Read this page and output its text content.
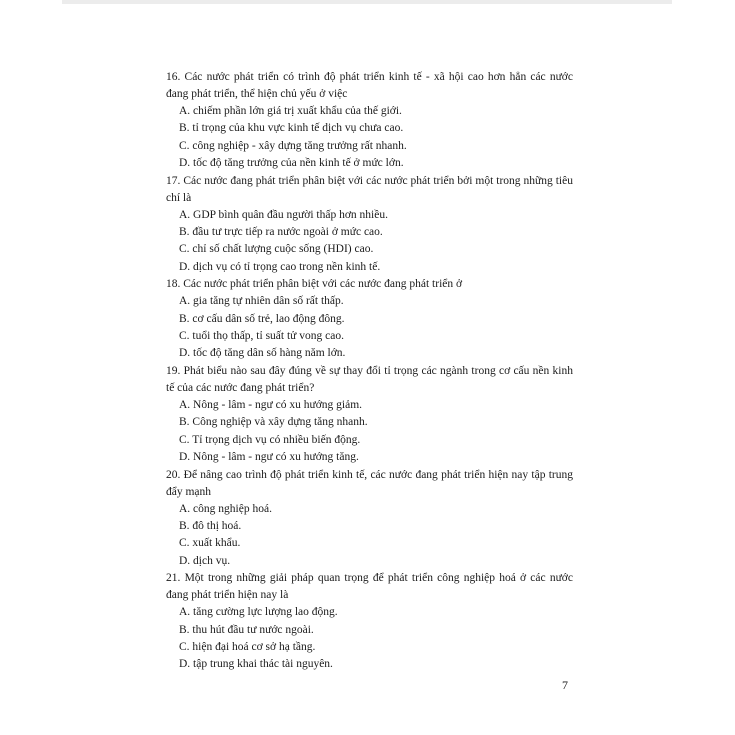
16. Các nước phát triển có trình độ phát triển kinh tế - xã hội cao hơn hẳn các nước đang phát triển, thể hiện chủ yếu ở việc

A. chiếm phần lớn giá trị xuất khẩu của thế giới.
B. tỉ trọng của khu vực kinh tế dịch vụ chưa cao.
C. công nghiệp - xây dựng tăng trưởng rất nhanh.
D. tốc độ tăng trưởng của nền kinh tế ở mức lớn.

17. Các nước đang phát triển phân biệt với các nước phát triển bởi một trong những tiêu chí là

A. GDP bình quân đầu người thấp hơn nhiều.
B. đầu tư trực tiếp ra nước ngoài ở mức cao.
C. chỉ số chất lượng cuộc sống (HDI) cao.
D. dịch vụ có tỉ trọng cao trong nền kinh tế.

18. Các nước phát triển phân biệt với các nước đang phát triển ở

A. gia tăng tự nhiên dân số rất thấp.
B. cơ cấu dân số trẻ, lao động đông.
C. tuổi thọ thấp, tỉ suất tử vong cao.
D. tốc độ tăng dân số hàng năm lớn.

19. Phát biểu nào sau đây đúng về sự thay đổi tỉ trọng các ngành trong cơ cấu nền kinh tế của các nước đang phát triển?

A. Nông - lâm - ngư có xu hướng giảm.
B. Công nghiệp và xây dựng tăng nhanh.
C. Tỉ trọng dịch vụ có nhiều biến động.
D. Nông - lâm - ngư có xu hướng tăng.

20. Để nâng cao trình độ phát triển kinh tế, các nước đang phát triển hiện nay tập trung đẩy mạnh

A. công nghiệp hoá.
B. đô thị hoá.
C. xuất khẩu.
D. dịch vụ.

21. Một trong những giải pháp quan trọng để phát triển công nghiệp hoá ở các nước đang phát triển hiện nay là

A. tăng cường lực lượng lao động.
B. thu hút đầu tư nước ngoài.
C. hiện đại hoá cơ sở hạ tầng.
D. tập trung khai thác tài nguyên.
7
